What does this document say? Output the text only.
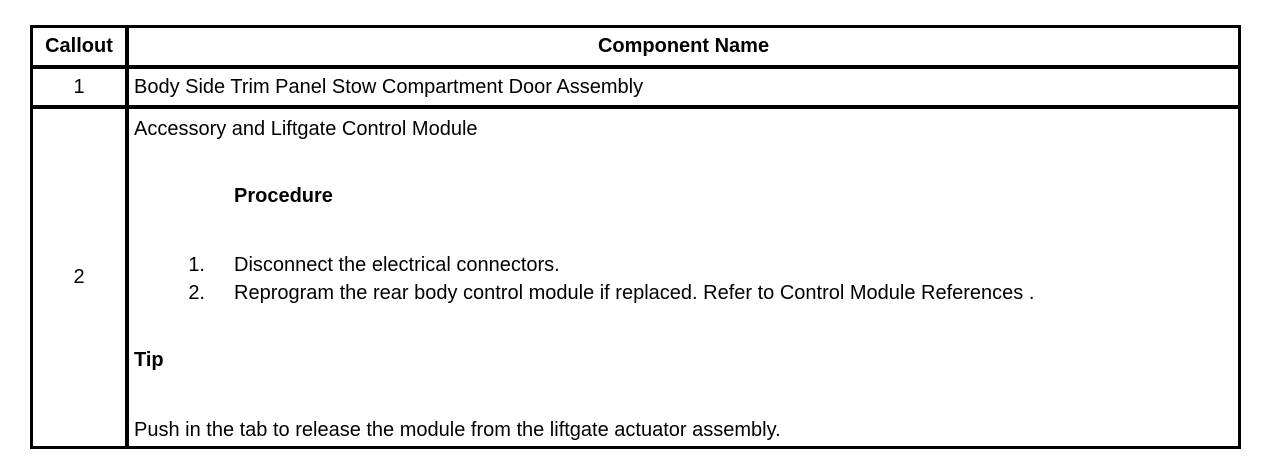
Callout	Component Name
1	Body Side Trim Panel Stow Compartment Door Assembly
2
Accessory and Liftgate Control Module
Procedure
1. Disconnect the electrical connectors.
2. Reprogram the rear body control module if replaced. Refer to Control Module References .
Tip
Push in the tab to release the module from the liftgate actuator assembly.
